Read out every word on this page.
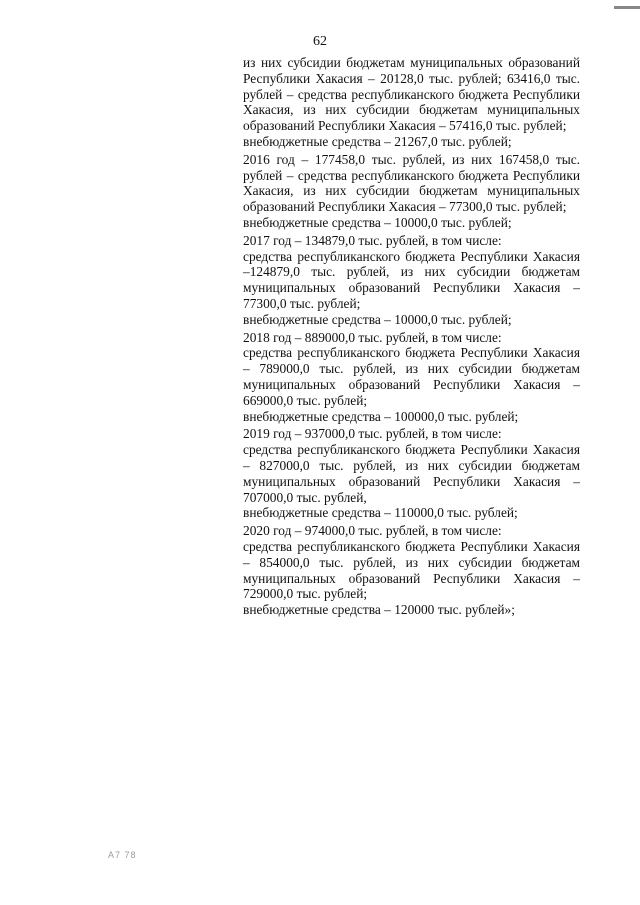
62

из них субсидии бюджетам муниципальных образований Республики Хакасия – 20128,0 тыс. рублей; 63416,0 тыс. рублей – средства республиканского бюджета Республики Хакасия, из них субсидии бюджетам муниципальных образований Республики Хакасия – 57416,0 тыс. рублей;

внебюджетные средства – 21267,0 тыс. рублей;

2016 год – 177458,0 тыс. рублей, из них 167458,0 тыс. рублей – средства республиканского бюджета Республики Хакасия, из них субсидии бюджетам муниципальных образований Республики Хакасия – 77300,0 тыс. рублей;

внебюджетные средства – 10000,0 тыс. рублей;

2017 год – 134879,0 тыс. рублей, в том числе:

средства республиканского бюджета Республики Хакасия –124879,0 тыс. рублей, из них субсидии бюджетам муниципальных образований Республики Хакасия – 77300,0 тыс. рублей;

внебюджетные средства – 10000,0 тыс. рублей;

2018 год – 889000,0 тыс. рублей, в том числе:

средства республиканского бюджета Республики Хакасия – 789000,0 тыс. рублей, из них субсидии бюджетам муниципальных образований Республики Хакасия – 669000,0 тыс. рублей;

внебюджетные средства – 100000,0 тыс. рублей;

2019 год – 937000,0 тыс. рублей, в том числе:

средства республиканского бюджета Республики Хакасия – 827000,0 тыс. рублей, из них субсидии бюджетам муниципальных образований Республики Хакасия – 707000,0 тыс. рублей,

внебюджетные средства – 110000,0 тыс. рублей;

2020 год – 974000,0 тыс. рублей, в том числе:

средства республиканского бюджета Республики Хакасия – 854000,0 тыс. рублей, из них субсидии бюджетам муниципальных образований Республики Хакасия – 729000,0 тыс. рублей;

внебюджетные средства – 120000 тыс. рублей»;

A7 78
